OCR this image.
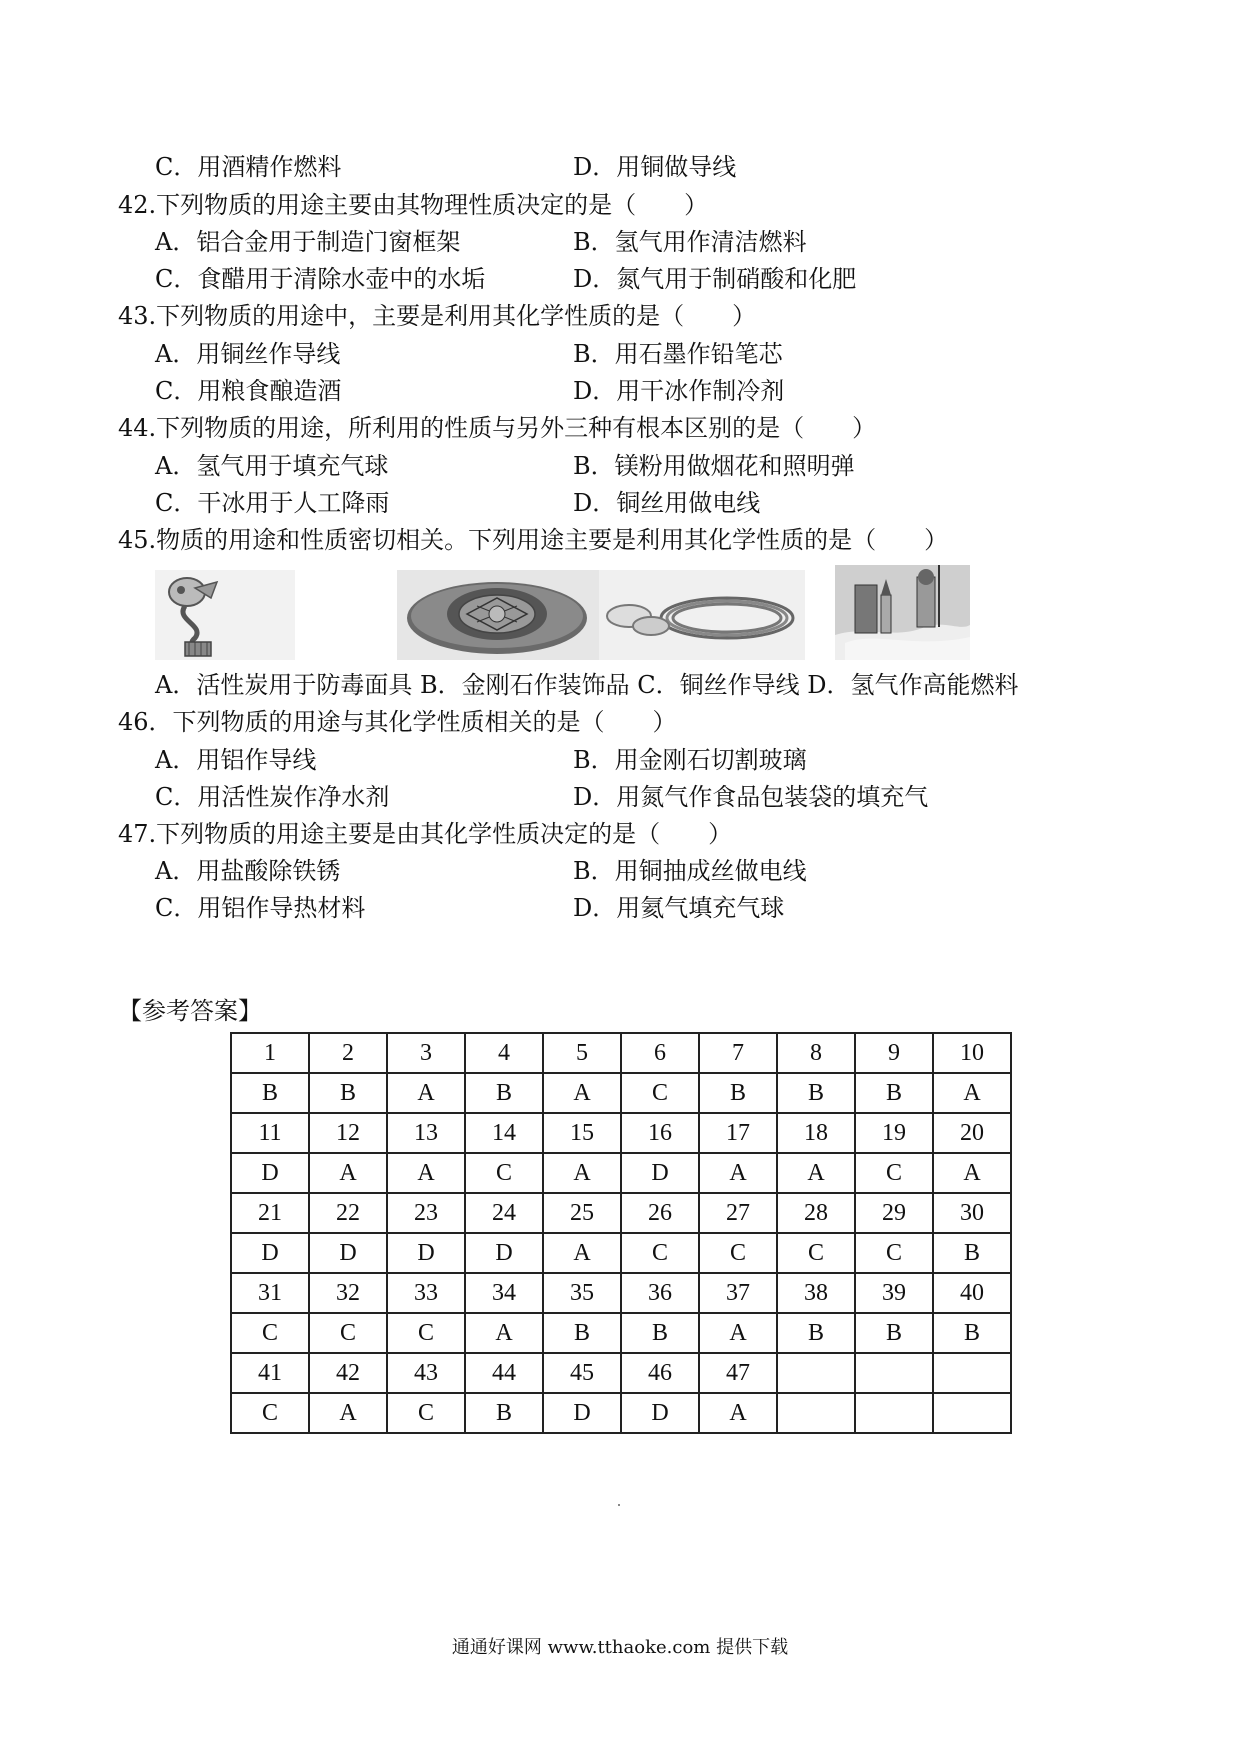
C．用酒精作燃料	D．用铜做导线
42.下列物质的用途主要由其物理性质决定的是（　　）
A．铝合金用于制造门窗框架	B．氢气用作清洁燃料
C．食醋用于清除水壶中的水垢	D．氮气用于制硝酸和化肥
43.下列物质的用途中，主要是利用其化学性质的是（　　）
A．用铜丝作导线	B．用石墨作铅笔芯
C．用粮食酿造酒	D．用干冰作制冷剂
44.下列物质的用途，所利用的性质与另外三种有根本区别的是（　　）
A．氢气用于填充气球	B．镁粉用做烟花和照明弹
C．干冰用于人工降雨	D．铜丝用做电线
45.物质的用途和性质密切相关。下列用途主要是利用其化学性质的是（　　）
A．活性炭用于防毒面具 B．金刚石作装饰品 C．铜丝作导线 D．氢气作高能燃料
46．下列物质的用途与其化学性质相关的是（　　）
A．用铝作导线	B．用金刚石切割玻璃
C．用活性炭作净水剂	D．用氮气作食品包装袋的填充气
47.下列物质的用途主要是由其化学性质决定的是（　　）
A．用盐酸除铁锈	B．用铜抽成丝做电线
C．用铝作导热材料	D．用氦气填充气球
【参考答案】
1	2	3	4	5	6	7	8	9	10
B	B	A	B	A	C	B	B	B	A
11	12	13	14	15	16	17	18	19	20
D	A	A	C	A	D	A	A	C	A
21	22	23	24	25	26	27	28	29	30
D	D	D	D	A	C	C	C	C	B
31	32	33	34	35	36	37	38	39	40
C	C	C	A	B	B	A	B	B	B
41	42	43	44	45	46	47			
C	A	C	B	D	D	A			
通通好课网 www.tthaoke.com 提供下载
